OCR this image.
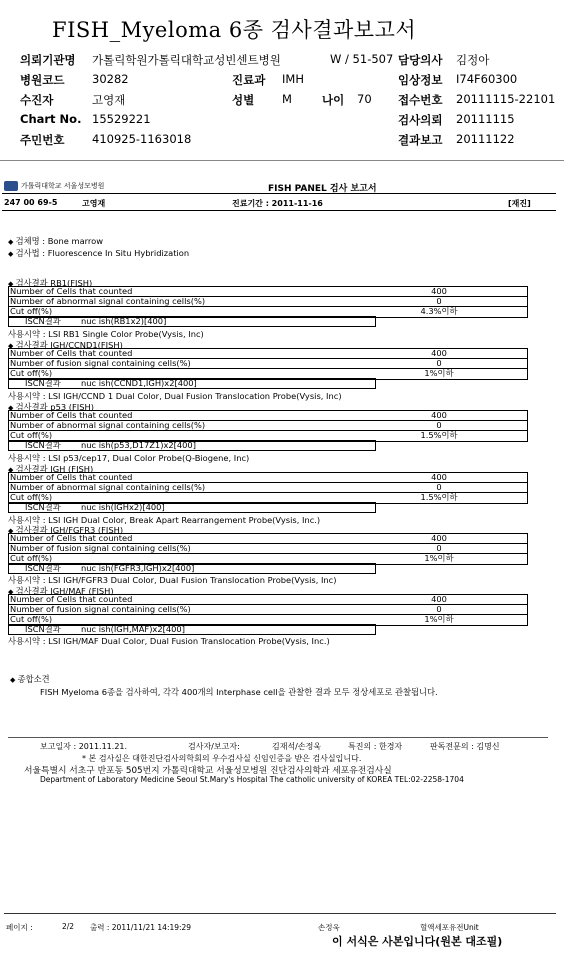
FISH_Myeloma 6종 검사결과보고서
의뢰기관명 가톨릭학원가톨릭대학교성빈센트병원	W / 51-507 담당의사 김정아
병원코드 30282	진료과 IMH	임상정보 I74F60300
수진자	고영재	성별 M	나이 70 접수번호 20111115-22101
Chart No. 15529221	검사의뢰 20111115
주민번호 410925-1163018	결과보고 20111122
가톨릭대학교 서울성모병원	FISH PANEL 검사 보고서
247 00 69-5	고영재	진료기간 : 2011-11-16	[재진]
◆ 검체명 : Bone marrow
◆ 검사법 : Fluorescence In Situ Hybridization
◆ 검사결과 RB1(FISH)
Number of Cells that counted	400
Number of abnormal signal containing cells(%)	0
Cut off(%)	4.3%이하
ISCN결과 nuc ish(RB1x2)[400]
사용시약 : LSI RB1 Single Color Probe(Vysis, Inc)
◆ 검사결과 IGH/CCND1(FISH)
Number of Cells that counted	400
Number of fusion signal containing cells(%)	0
Cut off(%)	1%이하
ISCN결과 nuc ish(CCND1,IGH)x2[400]
사용시약 : LSI IGH/CCND 1 Dual Color, Dual Fusion Translocation Probe(Vysis, Inc)
◆ 검사결과 p53 (FISH)
Number of Cells that counted	400
Number of abnormal signal containing cells(%)	0
Cut off(%)	1.5%이하
ISCN결과 nuc ish(p53,D17Z1)x2[400]
사용시약 : LSI p53/cep17, Dual Color Probe(Q-Biogene, Inc)
◆ 검사결과 IGH (FISH)
Number of Cells that counted	400
Number of abnormal signal containing cells(%)	0
Cut off(%)	1.5%이하
ISCN결과 nuc ish(IGHx2)[400]
사용시약 : LSI IGH Dual Color, Break Apart Rearrangement Probe(Vysis, Inc.)
◆ 검사결과 IGH/FGFR3 (FISH)
Number of Cells that counted	400
Number of fusion signal containing cells(%)	0
Cut off(%)	1%이하
ISCN결과 nuc ish(FGFR3,IGH)x2[400]
사용시약 : LSI IGH/FGFR3 Dual Color, Dual Fusion Translocation Probe(Vysis, Inc)
◆ 검사결과 IGH/MAF (FISH)
Number of Cells that counted	400
Number of fusion signal containing cells(%)	0
Cut off(%)	1%이하
ISCN결과 nuc ish(IGH,MAF)x2[400]
사용시약 : LSI IGH/MAF Dual Color, Dual Fusion Translocation Probe(Vysis, Inc.)
◆ 종합소견
FISH Myeloma 6종을 검사하여, 각각 400개의 Interphase cell을 관찰한 결과 모두 정상세포로 관찰됩니다.
보고일자 : 2011.11.21.	검사자/보고자:	김재석/손정욱	특진의 : 한경자	판독전문의 : 김명신
* 본 검사실은 대한진단검사의학회의 우수검사실 신임인증을 받은 검사실입니다.
서울특별시 서초구 반포동 505번지 가톨릭대학교 서울성모병원 진단검사의학과 세포유전검사실
Department of Laboratory Medicine Seoul St.Mary's Hospital The catholic university of KOREA TEL:02-2258-1704
페이지 :	2/2 출력 : 2011/11/21 14:19:29	손정욱	혈액세포유전Unit
이 서식은 사본입니다(원본 대조필)
